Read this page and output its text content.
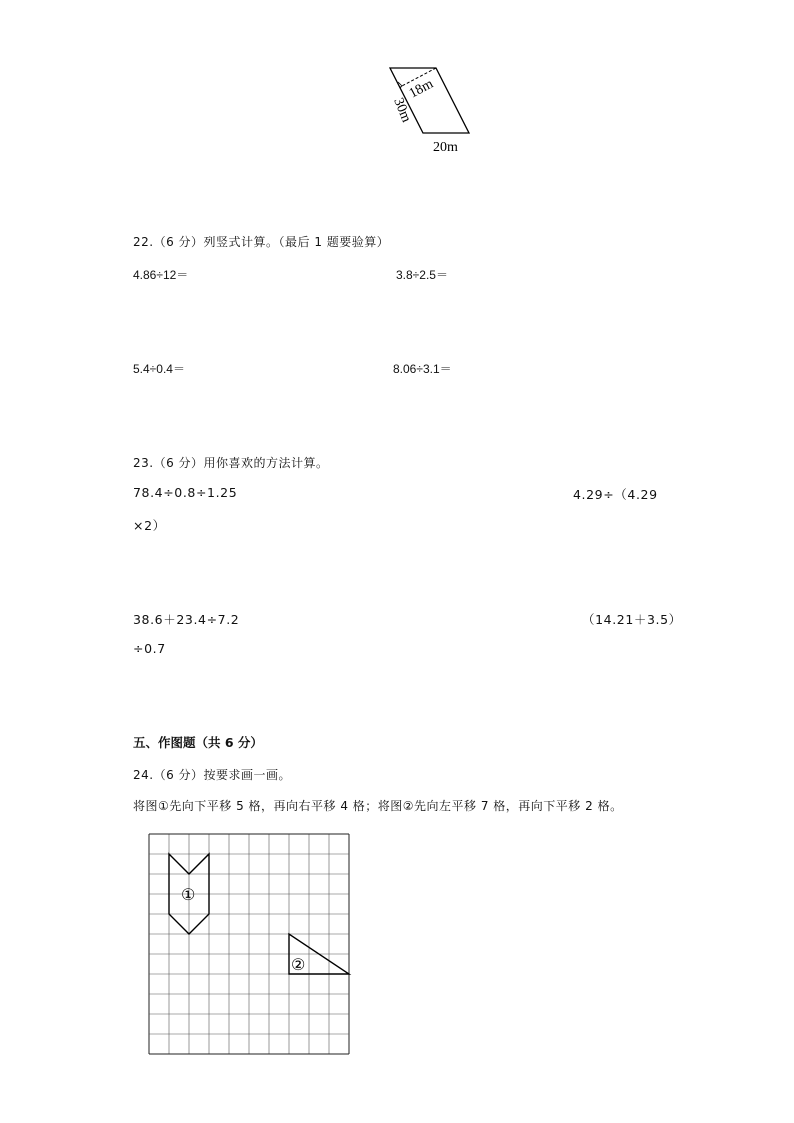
18m
30m
20m
22.（6 分）列竖式计算。（最后 1 题要验算）
4.86÷12＝	3.8÷2.5＝
5.4÷0.4＝	8.06÷3.1＝
23.（6 分）用你喜欢的方法计算。
78.4÷0.8÷1.25	4.29÷（4.29
×2）
38.6＋23.4÷7.2	（14.21＋3.5）
÷0.7
五、作图题（共 6 分）
24.（6 分）按要求画一画。
将图①先向下平移 5 格，再向右平移 4 格；将图②先向左平移 7 格，再向下平移 2 格。
①
②
